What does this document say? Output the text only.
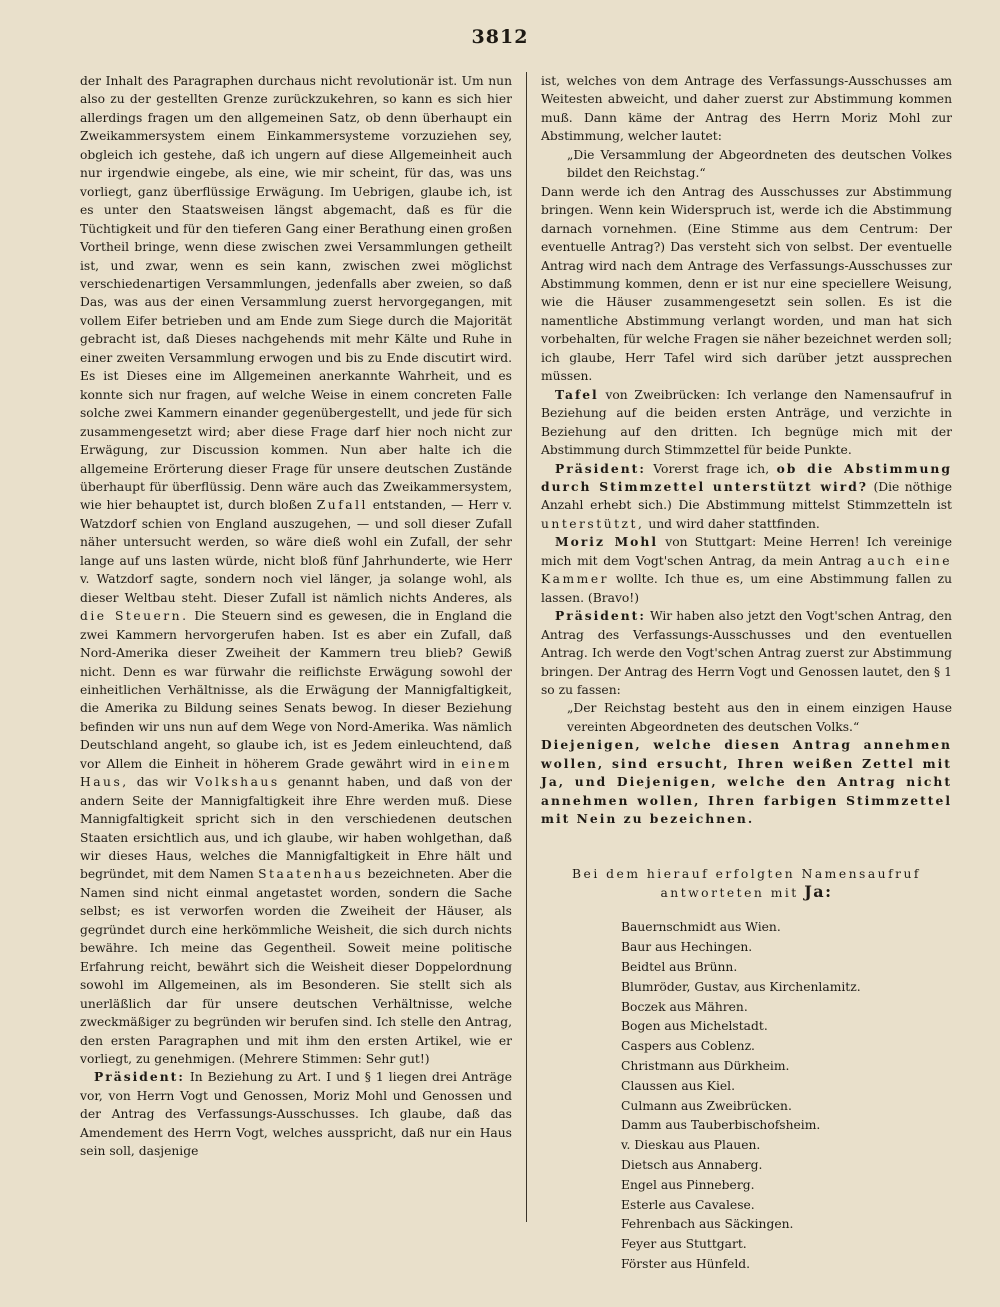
3812

der Inhalt des Paragraphen durchaus nicht revolutionär ist. Um nun also zu der gestellten Grenze zurückzukehren, so kann es sich hier allerdings fragen um den allgemeinen Satz, ob denn überhaupt ein Zweikammersystem einem Einkammersysteme vorzuziehen sey, obgleich ich gestehe, daß ich ungern auf diese Allgemeinheit auch nur irgendwie eingebe, als eine, wie mir scheint, für das, was uns vorliegt, ganz überflüssige Erwägung. Im Uebrigen, glaube ich, ist es unter den Staatsweisen längst abgemacht, daß es für die Tüchtigkeit und für den tieferen Gang einer Berathung einen großen Vortheil bringe, wenn diese zwischen zwei Versammlungen getheilt ist, und zwar, wenn es sein kann, zwischen zwei möglichst verschiedenartigen Versammlungen, jedenfalls aber zweien, so daß Das, was aus der einen Versammlung zuerst hervorgegangen, mit vollem Eifer betrieben und am Ende zum Siege durch die Majorität gebracht ist, daß Dieses nachgehends mit mehr Kälte und Ruhe in einer zweiten Versammlung erwogen und bis zu Ende discutirt wird. Es ist Dieses eine im Allgemeinen anerkannte Wahrheit, und es konnte sich nur fragen, auf welche Weise in einem concreten Falle solche zwei Kammern einander gegenübergestellt, und jede für sich zusammengesetzt wird; aber diese Frage darf hier noch nicht zur Erwägung, zur Discussion kommen. Nun aber halte ich die allgemeine Erörterung dieser Frage für unsere deutschen Zustände überhaupt für überflüssig. Denn wäre auch das Zweikammersystem, wie hier behauptet ist, durch bloßen Zufall entstanden, — Herr v. Watzdorf schien von England auszugehen, — und soll dieser Zufall näher untersucht werden, so wäre dieß wohl ein Zufall, der sehr lange auf uns lasten würde, nicht bloß fünf Jahrhunderte, wie Herr v. Watzdorf sagte, sondern noch viel länger, ja solange wohl, als dieser Weltbau steht. Dieser Zufall ist nämlich nichts Anderes, als die Steuern. Die Steuern sind es gewesen, die in England die zwei Kammern hervorgerufen haben. Ist es aber ein Zufall, daß Nord-Amerika dieser Zweiheit der Kammern treu blieb? Gewiß nicht. Denn es war fürwahr die reiflichste Erwägung sowohl der einheitlichen Verhältnisse, als die Erwägung der Mannigfaltigkeit, die Amerika zu Bildung seines Senats bewog. In dieser Beziehung befinden wir uns nun auf dem Wege von Nord-Amerika. Was nämlich Deutschland angeht, so glaube ich, ist es Jedem einleuchtend, daß vor Allem die Einheit in höherem Grade gewährt wird in einem Haus, das wir Volkshaus genannt haben, und daß von der andern Seite der Mannigfaltigkeit ihre Ehre werden muß. Diese Mannigfaltigkeit spricht sich in den verschiedenen deutschen Staaten ersichtlich aus, und ich glaube, wir haben wohlgethan, daß wir dieses Haus, welches die Mannigfaltigkeit in Ehre hält und begründet, mit dem Namen Staatenhaus bezeichneten. Aber die Namen sind nicht einmal angetastet worden, sondern die Sache selbst; es ist verworfen worden die Zweiheit der Häuser, als gegründet durch eine herkömmliche Weisheit, die sich durch nichts bewähre. Ich meine das Gegentheil. Soweit meine politische Erfahrung reicht, bewährt sich die Weisheit dieser Doppelordnung sowohl im Allgemeinen, als im Besonderen. Sie stellt sich als unerläßlich dar für unsere deutschen Verhältnisse, welche zweckmäßiger zu begründen wir berufen sind. Ich stelle den Antrag, den ersten Paragraphen und mit ihm den ersten Artikel, wie er vorliegt, zu genehmigen. (Mehrere Stimmen: Sehr gut!)

Präsident: In Beziehung zu Art. I und § 1 liegen drei Anträge vor, von Herrn Vogt und Genossen, Moriz Mohl und Genossen und der Antrag des Verfassungs-Ausschusses. Ich glaube, daß das Amendement des Herrn Vogt, welches ausspricht, daß nur ein Haus sein soll, dasjenige

ist, welches von dem Antrage des Verfassungs-Ausschusses am Weitesten abweicht, und daher zuerst zur Abstimmung kommen muß. Dann käme der Antrag des Herrn Moriz Mohl zur Abstimmung, welcher lautet:

„Die Versammlung der Abgeordneten des deutschen Volkes bildet den Reichstag.“

Dann werde ich den Antrag des Ausschusses zur Abstimmung bringen. Wenn kein Widerspruch ist, werde ich die Abstimmung darnach vornehmen. (Eine Stimme aus dem Centrum: Der eventuelle Antrag?) Das versteht sich von selbst. Der eventuelle Antrag wird nach dem Antrage des Verfassungs-Ausschusses zur Abstimmung kommen, denn er ist nur eine speciellere Weisung, wie die Häuser zusammengesetzt sein sollen. Es ist die namentliche Abstimmung verlangt worden, und man hat sich vorbehalten, für welche Fragen sie näher bezeichnet werden soll; ich glaube, Herr Tafel wird sich darüber jetzt aussprechen müssen.

Tafel von Zweibrücken: Ich verlange den Namensaufruf in Beziehung auf die beiden ersten Anträge, und verzichte in Beziehung auf den dritten. Ich begnüge mich mit der Abstimmung durch Stimmzettel für beide Punkte.

Präsident: Vorerst frage ich, ob die Abstimmung durch Stimmzettel unterstützt wird? (Die nöthige Anzahl erhebt sich.) Die Abstimmung mittelst Stimmzetteln ist unterstützt, und wird daher stattfinden.

Moriz Mohl von Stuttgart: Meine Herren! Ich vereinige mich mit dem Vogt'schen Antrag, da mein Antrag auch eine Kammer wollte. Ich thue es, um eine Abstimmung fallen zu lassen. (Bravo!)

Präsident: Wir haben also jetzt den Vogt'schen Antrag, den Antrag des Verfassungs-Ausschusses und den eventuellen Antrag. Ich werde den Vogt'schen Antrag zuerst zur Abstimmung bringen. Der Antrag des Herrn Vogt und Genossen lautet, den § 1 so zu fassen:

„Der Reichstag besteht aus den in einem einzigen Hause vereinten Abgeordneten des deutschen Volks.“

Diejenigen, welche diesen Antrag annehmen wollen, sind ersucht, Ihren weißen Zettel mit Ja, und Diejenigen, welche den Antrag nicht annehmen wollen, Ihren farbigen Stimmzettel mit Nein zu bezeichnen.

Bei dem hierauf erfolgten Namensaufruf
antworteten mit Ja:
Bauernschmidt aus Wien.
Baur aus Hechingen.
Beidtel aus Brünn.
Blumröder, Gustav, aus Kirchenlamitz.
Boczek aus Mähren.
Bogen aus Michelstadt.
Caspers aus Coblenz.
Christmann aus Dürkheim.
Claussen aus Kiel.
Culmann aus Zweibrücken.
Damm aus Tauberbischofsheim.
v. Dieskau aus Plauen.
Dietsch aus Annaberg.
Engel aus Pinneberg.
Esterle aus Cavalese.
Fehrenbach aus Säckingen.
Feyer aus Stuttgart.
Förster aus Hünfeld.
